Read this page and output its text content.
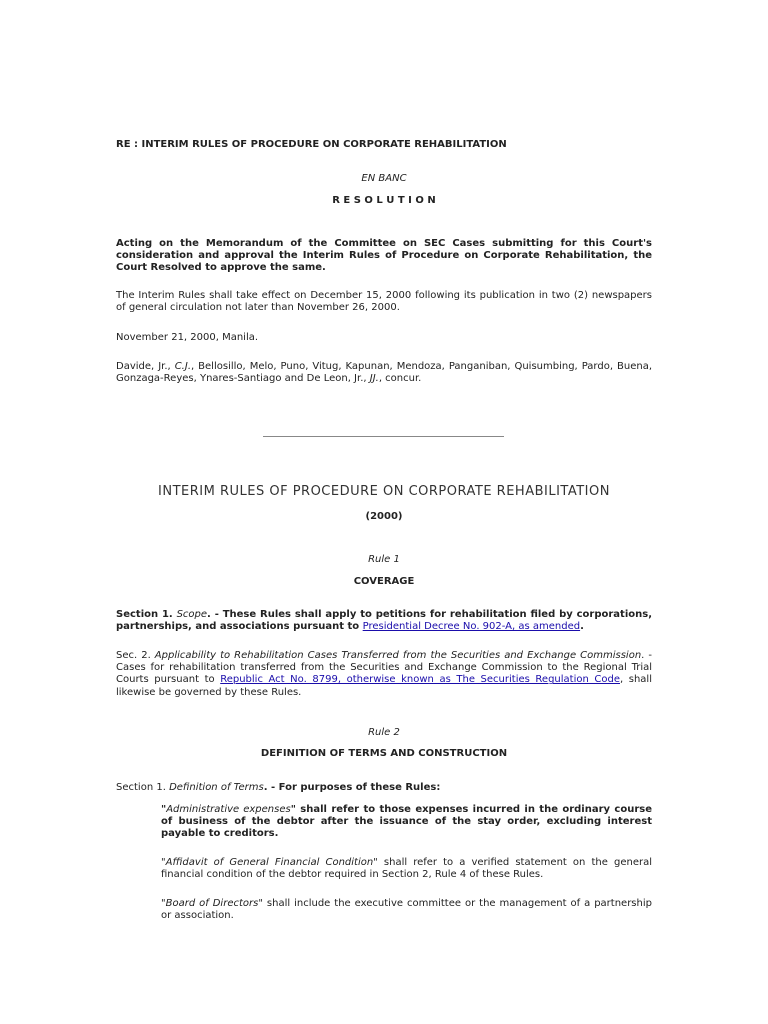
RE : INTERIM RULES OF PROCEDURE ON CORPORATE REHABILITATION

EN BANC

R E S O L U T I O N

Acting on the Memorandum of the Committee on SEC Cases submitting for this Court's consideration and approval the Interim Rules of Procedure on Corporate Rehabilitation, the Court Resolved to approve the same.

The Interim Rules shall take effect on December 15, 2000 following its publication in two (2) newspapers of general circulation not later than November 26, 2000.

November 21, 2000, Manila.

Davide, Jr., C.J., Bellosillo, Melo, Puno, Vitug, Kapunan, Mendoza, Panganiban, Quisumbing, Pardo, Buena, Gonzaga-Reyes, Ynares-Santiago and De Leon, Jr., JJ., concur.

INTERIM RULES OF PROCEDURE ON CORPORATE REHABILITATION

(2000)

Rule 1

COVERAGE

Section 1. Scope. - These Rules shall apply to petitions for rehabilitation filed by corporations, partnerships, and associations pursuant to Presidential Decree No. 902-A, as amended.

Sec. 2. Applicability to Rehabilitation Cases Transferred from the Securities and Exchange Commission. - Cases for rehabilitation transferred from the Securities and Exchange Commission to the Regional Trial Courts pursuant to Republic Act No. 8799, otherwise known as The Securities Regulation Code, shall likewise be governed by these Rules.

Rule 2

DEFINITION OF TERMS AND CONSTRUCTION

Section 1. Definition of Terms. - For purposes of these Rules:

"Administrative expenses" shall refer to those expenses incurred in the ordinary course of business of the debtor after the issuance of the stay order, excluding interest payable to creditors.

"Affidavit of General Financial Condition" shall refer to a verified statement on the general financial condition of the debtor required in Section 2, Rule 4 of these Rules.

"Board of Directors" shall include the executive committee or the management of a partnership or association.
